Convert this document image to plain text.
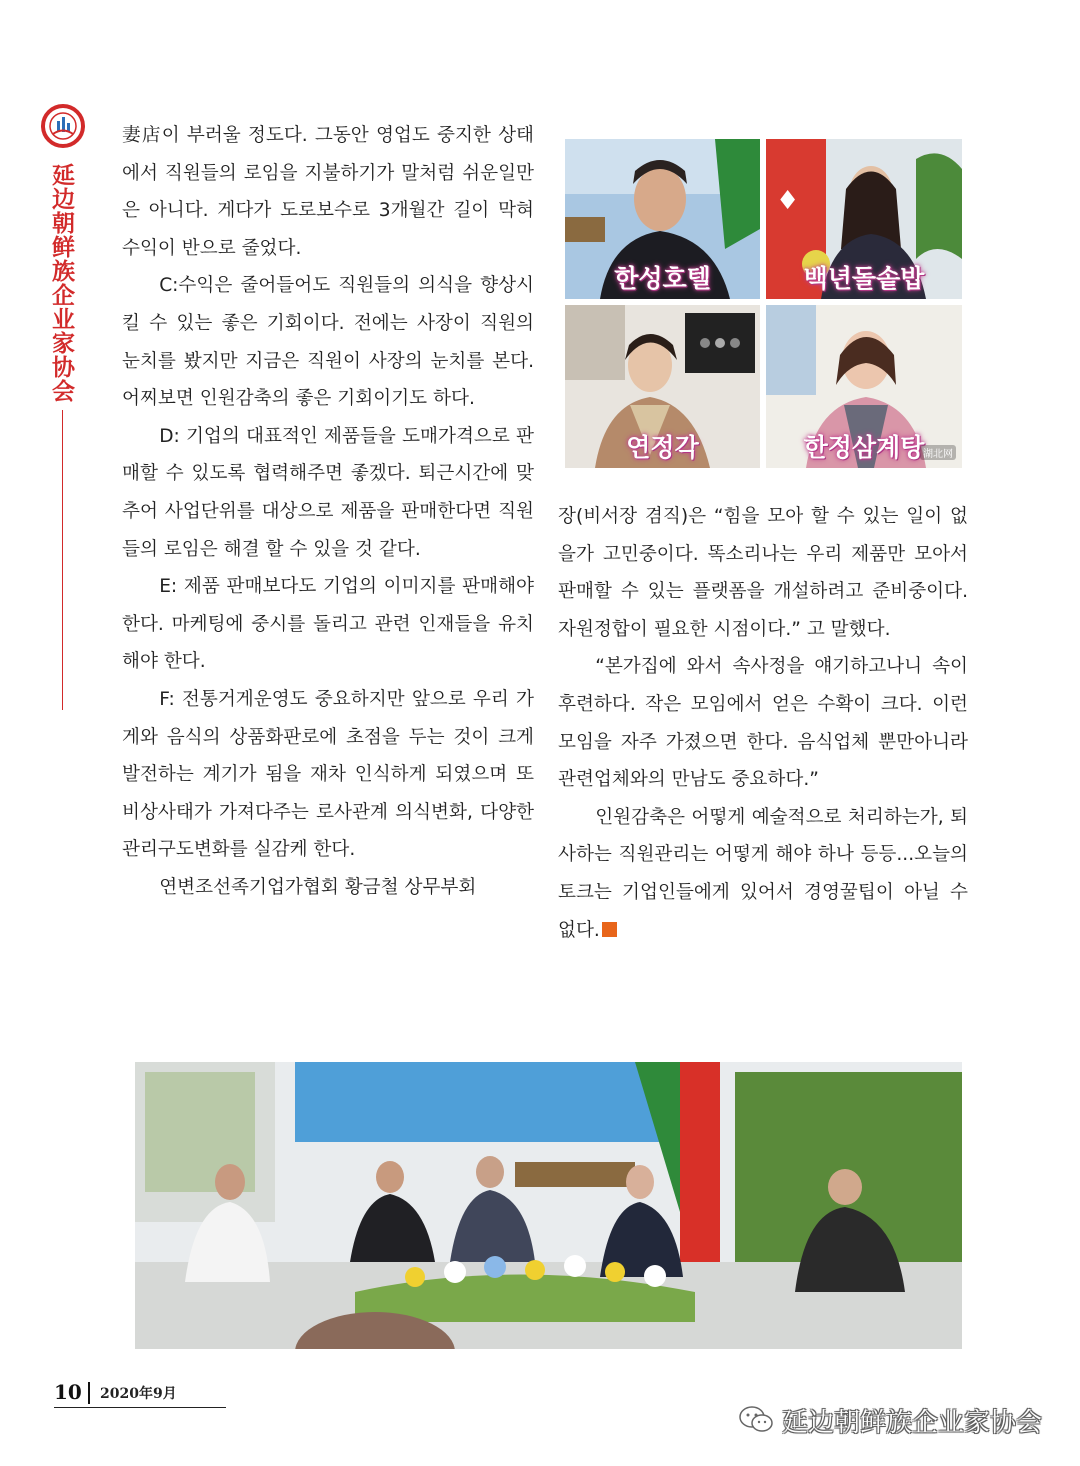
延边朝鲜族企业家协会

妻店이 부러울 정도다. 그동안 영업도 중지한 상태에서 직원들의 로임을 지불하기가 말처럼 쉬운일만은 아니다. 게다가 도로보수로 3개월간 길이 막혀 수익이 반으로 줄었다.

C:수익은 줄어들어도 직원들의 의식을 향상시킬 수 있는 좋은 기회이다. 전에는 사장이 직원의 눈치를 봤지만 지금은 직원이 사장의 눈치를 본다. 어찌보면 인원감축의 좋은 기회이기도 하다.

D: 기업의 대표적인 제품들을 도매가격으로 판매할 수 있도록 협력해주면 좋겠다. 퇴근시간에 맞추어 사업단위를 대상으로 제품을 판매한다면 직원들의 로임은 해결 할 수 있을 것 같다.

E: 제품 판매보다도 기업의 이미지를 판매해야 한다. 마케팅에 중시를 돌리고 관련 인재들을 유치해야 한다.

F: 전통거게운영도 중요하지만 앞으로 우리 가게와 음식의 상품화판로에 초점을 두는 것이 크게 발전하는 계기가 됨을 재차 인식하게 되였으며 또 비상사태가 가져다주는 로사관계 의식변화, 다양한 관리구도변화를 실감케 한다.

연변조선족기업가협회 황금철 상무부회

한성호텔
♦
백년돌솥밥
연정각	한정삼계탕
湖北网

장(비서장 겸직)은 “힘을 모아 할 수 있는 일이 없을가 고민중이다. 똑소리나는 우리 제품만 모아서 판매할 수 있는 플랫폼을 개설하려고 준비중이다. 자원정합이 필요한 시점이다.” 고 말했다.

“본가집에 와서 속사정을 얘기하고나니 속이 후련하다. 작은 모임에서 얻은 수확이 크다. 이런 모임을 자주 가졌으면 한다. 음식업체 뿐만아니라 관련업체와의 만남도 중요하다.”

인원감축은 어떻게 예술적으로 처리하는가, 퇴사하는 직원관리는 어떻게 해야 하나 등등...오늘의 토크는 기업인들에게 있어서 경영꿀팁이 아닐 수 없다.

10 2020年9月
延边朝鲜族企业家协会
